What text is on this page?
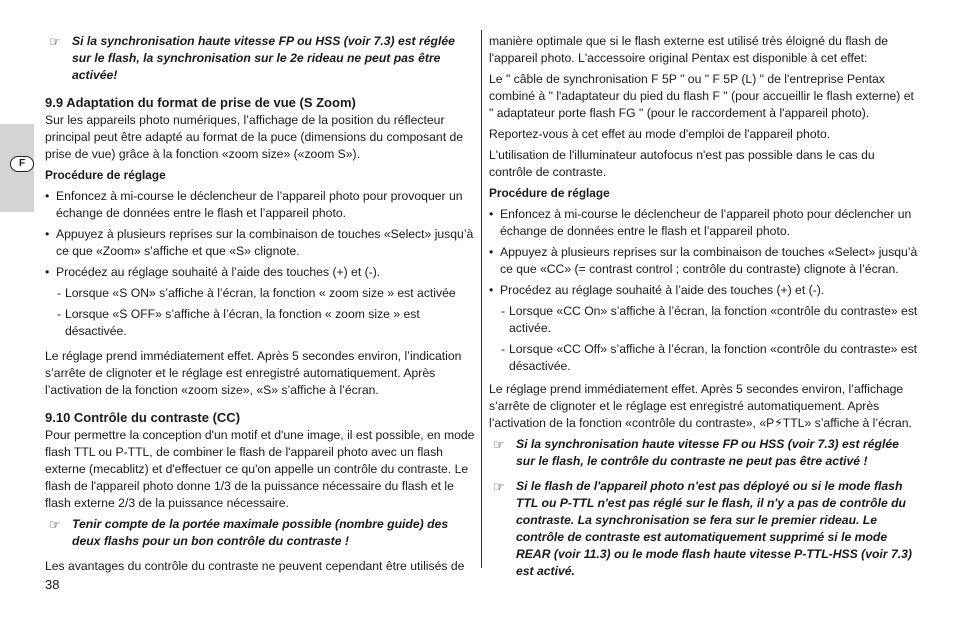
F
☞ Si la synchronisation haute vitesse FP ou HSS (voir 7.3) est réglée sur le flash, la synchronisation sur le 2e rideau ne peut pas être activée!

9.9 Adaptation du format de prise de vue (S Zoom)

Sur les appareils photo numériques, l’affichage de la position du réflecteur principal peut être adapté au format de la puce (dimensions du composant de prise de vue) grâce à la fonction «zoom size» («zoom S»).

Procédure de réglage

• Enfoncez à mi-course le déclencheur de l’appareil photo pour provoquer un échange de données entre le flash et l’appareil photo.
• Appuyez à plusieurs reprises sur la combinaison de touches «Select» jusqu’à ce que «Zoom» s’affiche et que «S» clignote.
• Procédez au réglage souhaité à l’aide des touches (+) et (-).
- Lorsque «S ON» s’affiche à l’écran, la fonction « zoom size » est activée
- Lorsque «S OFF» s’affiche à l’écran, la fonction « zoom size » est désactivée.

Le réglage prend immédiatement effet. Après 5 secondes environ, l’indication s’arrête de clignoter et le réglage est enregistré automatiquement. Après l’activation de la fonction «zoom size», «S» s’affiche à l’écran.

9.10 Contrôle du contraste (CC)

Pour permettre la conception d'un motif et d'une image, il est possible, en mode flash TTL ou P-TTL, de combiner le flash de l'appareil photo avec un flash externe (mecablitz) et d'effectuer ce qu'on appelle un contrôle du contraste. Le flash de l'appareil photo donne 1/3 de la puissance nécessaire du flash et le flash externe 2/3 de la puissance nécessaire.

☞ Tenir compte de la portée maximale possible (nombre guide) des deux flashs pour un bon contrôle du contraste !

Les avantages du contrôle du contraste ne peuvent cependant être utilisés de

manière optimale que si le flash externe est utilisé très éloigné du flash de l'appareil photo. L'accessoire original Pentax est disponible à cet effet:

Le " câble de synchronisation F 5P " ou " F 5P (L) " de l'entreprise Pentax combiné à " l'adaptateur du pied du flash F " (pour accueillir le flash externe) et " adaptateur porte flash FG " (pour le raccordement à l'appareil photo).

Reportez-vous à cet effet au mode d'emploi de l'appareil photo.

L'utilisation de l'illuminateur autofocus n'est pas possible dans le cas du contrôle de contraste.

Procédure de réglage

• Enfoncez à mi-course le déclencheur de l’appareil photo pour déclencher un échange de données entre le flash et l’appareil photo.
• Appuyez à plusieurs reprises sur la combinaison de touches «Select» jusqu’à ce que «CC» (= contrast control ; contrôle du contraste) clignote à l’écran.
• Procédez au réglage souhaité à l’aide des touches (+) et (-).
- Lorsque «CC On» s’affiche à l’écran, la fonction «contrôle du contraste» est activée.
- Lorsque «CC Off» s’affiche à l’écran, la fonction «contrôle du contraste» est désactivée.

Le réglage prend immédiatement effet. Après 5 secondes environ, l’affichage s’arrête de clignoter et le réglage est enregistré automatiquement. Après l’activation de la fonction «contrôle du contraste», «P⚡TTL» s’affiche à l’écran.

☞ Si la synchronisation haute vitesse FP ou HSS (voir 7.3) est réglée sur le flash, le contrôle du contraste ne peut pas être activé !
☞ Si le flash de l'appareil photo n'est pas déployé ou si le mode flash TTL ou P-TTL n'est pas réglé sur le flash, il n'y a pas de contrôle du contraste. La synchronisation se fera sur le premier rideau. Le contrôle de contraste est automatiquement supprimé si le mode REAR (voir 11.3) ou le mode flash haute vitesse P-TTL-HSS (voir 7.3) est activé.
38
